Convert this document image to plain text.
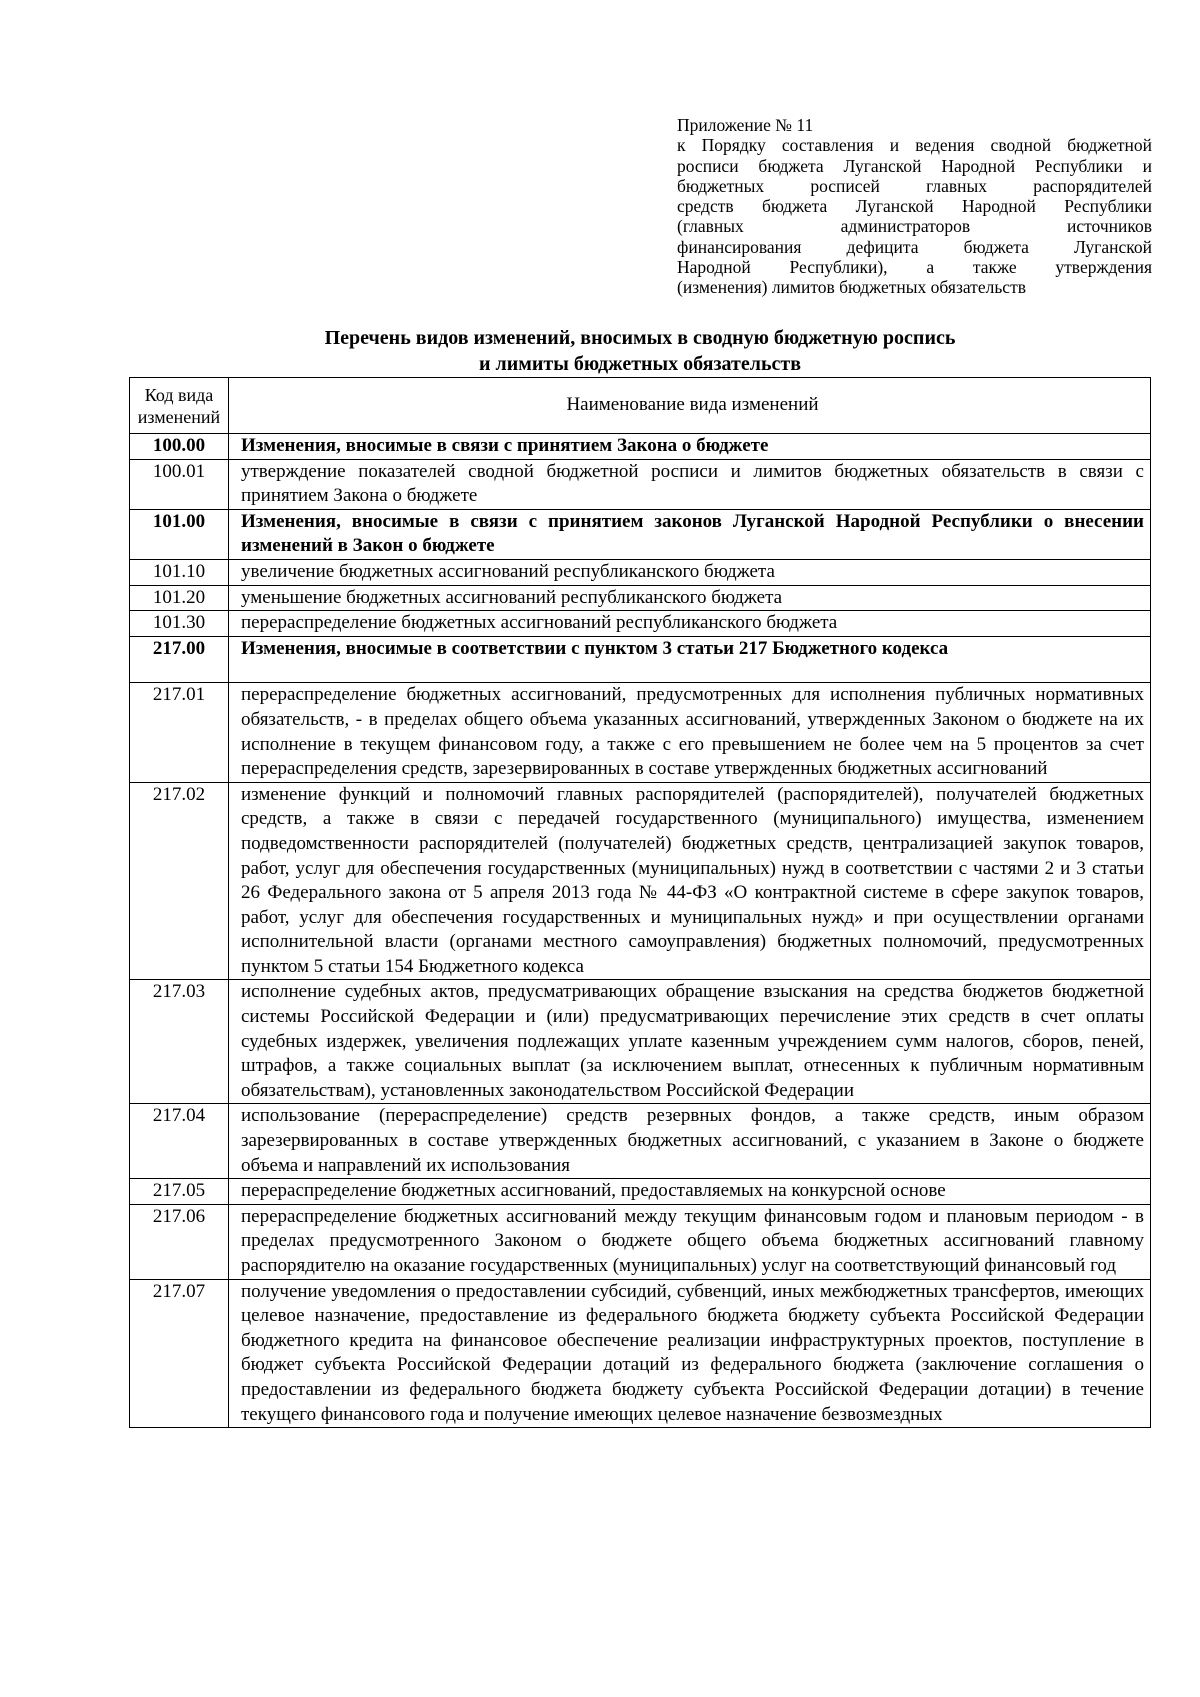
Приложение № 11
к Порядку составления и ведения сводной бюджетной
росписи бюджета Луганской Народной Республики и
бюджетных росписей главных распорядителей
средств бюджета Луганской Народной Республики
(главных администраторов источников
финансирования дефицита бюджета Луганской
Народной Республики), а также утверждения
(изменения) лимитов бюджетных обязательств
Перечень видов изменений, вносимых в сводную бюджетную роспись
и лимиты бюджетных обязательств
Код вида изменений	Наименование вида изменений
100.00	Изменения, вносимые в связи с принятием Закона о бюджете
100.01	утверждение показателей сводной бюджетной росписи и лимитов бюджетных обязательств в связи с принятием Закона о бюджете
101.00	Изменения, вносимые в связи с принятием законов Луганской Народной Республики о внесении изменений в Закон о бюджете
101.10	увеличение бюджетных ассигнований республиканского бюджета
101.20	уменьшение бюджетных ассигнований республиканского бюджета
101.30	перераспределение бюджетных ассигнований республиканского бюджета
217.00	Изменения, вносимые в соответствии с пунктом 3 статьи 217 Бюджетного кодекса
217.01	перераспределение бюджетных ассигнований, предусмотренных для исполнения публичных нормативных обязательств, - в пределах общего объема указанных ассигнований, утвержденных Законом о бюджете на их исполнение в текущем финансовом году, а также с его превышением не более чем на 5 процентов за счет перераспределения средств, зарезервированных в составе утвержденных бюджетных ассигнований
217.02	изменение функций и полномочий главных распорядителей (распорядителей), получателей бюджетных средств, а также в связи с передачей государственного (муниципального) имущества, изменением подведомственности распорядителей (получателей) бюджетных средств, централизацией закупок товаров, работ, услуг для обеспечения государственных (муниципальных) нужд в соответствии с частями 2 и 3 статьи 26 Федерального закона от 5 апреля 2013 года № 44-ФЗ «О контрактной системе в сфере закупок товаров, работ, услуг для обеспечения государственных и муниципальных нужд» и при осуществлении органами исполнительной власти (органами местного самоуправления) бюджетных полномочий, предусмотренных пунктом 5 статьи 154 Бюджетного кодекса
217.03	исполнение судебных актов, предусматривающих обращение взыскания на средства бюджетов бюджетной системы Российской Федерации и (или) предусматривающих перечисление этих средств в счет оплаты судебных издержек, увеличения подлежащих уплате казенным учреждением сумм налогов, сборов, пеней, штрафов, а также социальных выплат (за исключением выплат, отнесенных к публичным нормативным обязательствам), установленных законодательством Российской Федерации
217.04	использование (перераспределение) средств резервных фондов, а также средств, иным образом зарезервированных в составе утвержденных бюджетных ассигнований, с указанием в Законе о бюджете объема и направлений их использования
217.05	перераспределение бюджетных ассигнований, предоставляемых на конкурсной основе
217.06	перераспределение бюджетных ассигнований между текущим финансовым годом и плановым периодом - в пределах предусмотренного Законом о бюджете общего объема бюджетных ассигнований главному распорядителю на оказание государственных (муниципальных) услуг на соответствующий финансовый год
217.07	получение уведомления о предоставлении субсидий, субвенций, иных межбюджетных трансфертов, имеющих целевое назначение, предоставление из федерального бюджета бюджету субъекта Российской Федерации бюджетного кредита на финансовое обеспечение реализации инфраструктурных проектов, поступление в бюджет субъекта Российской Федерации дотаций из федерального бюджета (заключение соглашения о предоставлении из федерального бюджета бюджету субъекта Российской Федерации дотации) в течение текущего финансового года и получение имеющих целевое назначение безвозмездных
